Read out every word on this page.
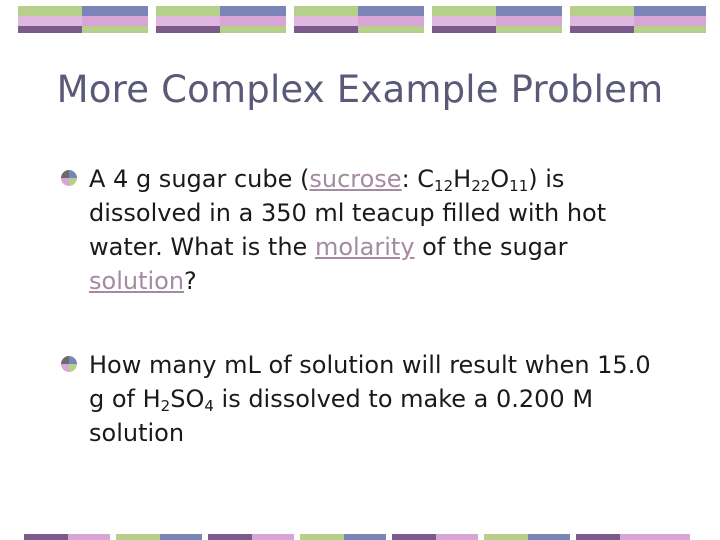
More Complex Example Problem
A 4 g sugar cube (sucrose: $C_{12}H_{22}O_{11}$) is dissolved in a 350 ml teacup filled with hot water. What is the molarity of the sugar solution?
How many mL of solution will result when 15.0 g of $H_2SO_4$ is dissolved to make a 0.200 M solution
